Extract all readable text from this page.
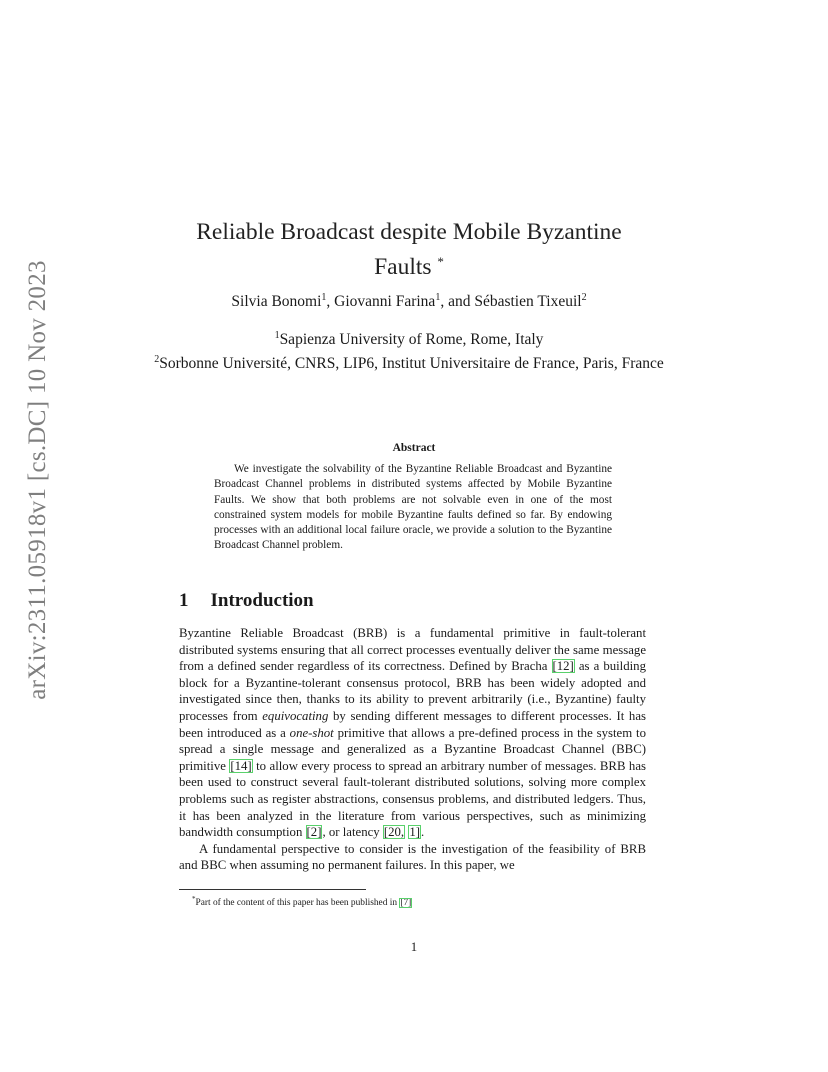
arXiv:2311.05918v1 [cs.DC] 10 Nov 2023
Reliable Broadcast despite Mobile Byzantine
Faults *
Silvia Bonomi$^1$, Giovanni Farina$^1$, and Sébastien Tixeuil$^2$
$^1$Sapienza University of Rome, Rome, Italy
$^2$Sorbonne Université, CNRS, LIP6, Institut Universitaire de France, Paris, France
Abstract
We investigate the solvability of the Byzantine Reliable Broadcast and Byzantine Broadcast Channel problems in distributed systems affected by Mobile Byzantine Faults. We show that both problems are not solvable even in one of the most constrained system models for mobile Byzantine faults defined so far. By endowing processes with an additional local failure oracle, we provide a solution to the Byzantine Broadcast Channel problem.
1 Introduction

Byzantine Reliable Broadcast (BRB) is a fundamental primitive in fault-tolerant distributed systems ensuring that all correct processes eventually deliver the same message from a defined sender regardless of its correctness. Defined by Bracha [12] as a building block for a Byzantine-tolerant consensus protocol, BRB has been widely adopted and investigated since then, thanks to its ability to prevent arbitrarily (i.e., Byzantine) faulty processes from equivocating by sending different messages to different processes. It has been introduced as a one-shot primitive that allows a pre-defined process in the system to spread a single message and generalized as a Byzantine Broadcast Channel (BBC) primitive [14] to allow every process to spread an arbitrary number of messages. BRB has been used to construct several fault-tolerant distributed solutions, solving more complex problems such as register abstractions, consensus problems, and distributed ledgers. Thus, it has been analyzed in the literature from various perspectives, such as minimizing bandwidth consumption [2], or latency [20, 1].

A fundamental perspective to consider is the investigation of the feasibility of BRB and BBC when assuming no permanent failures. In this paper, we

*Part of the content of this paper has been published in [7]
1
